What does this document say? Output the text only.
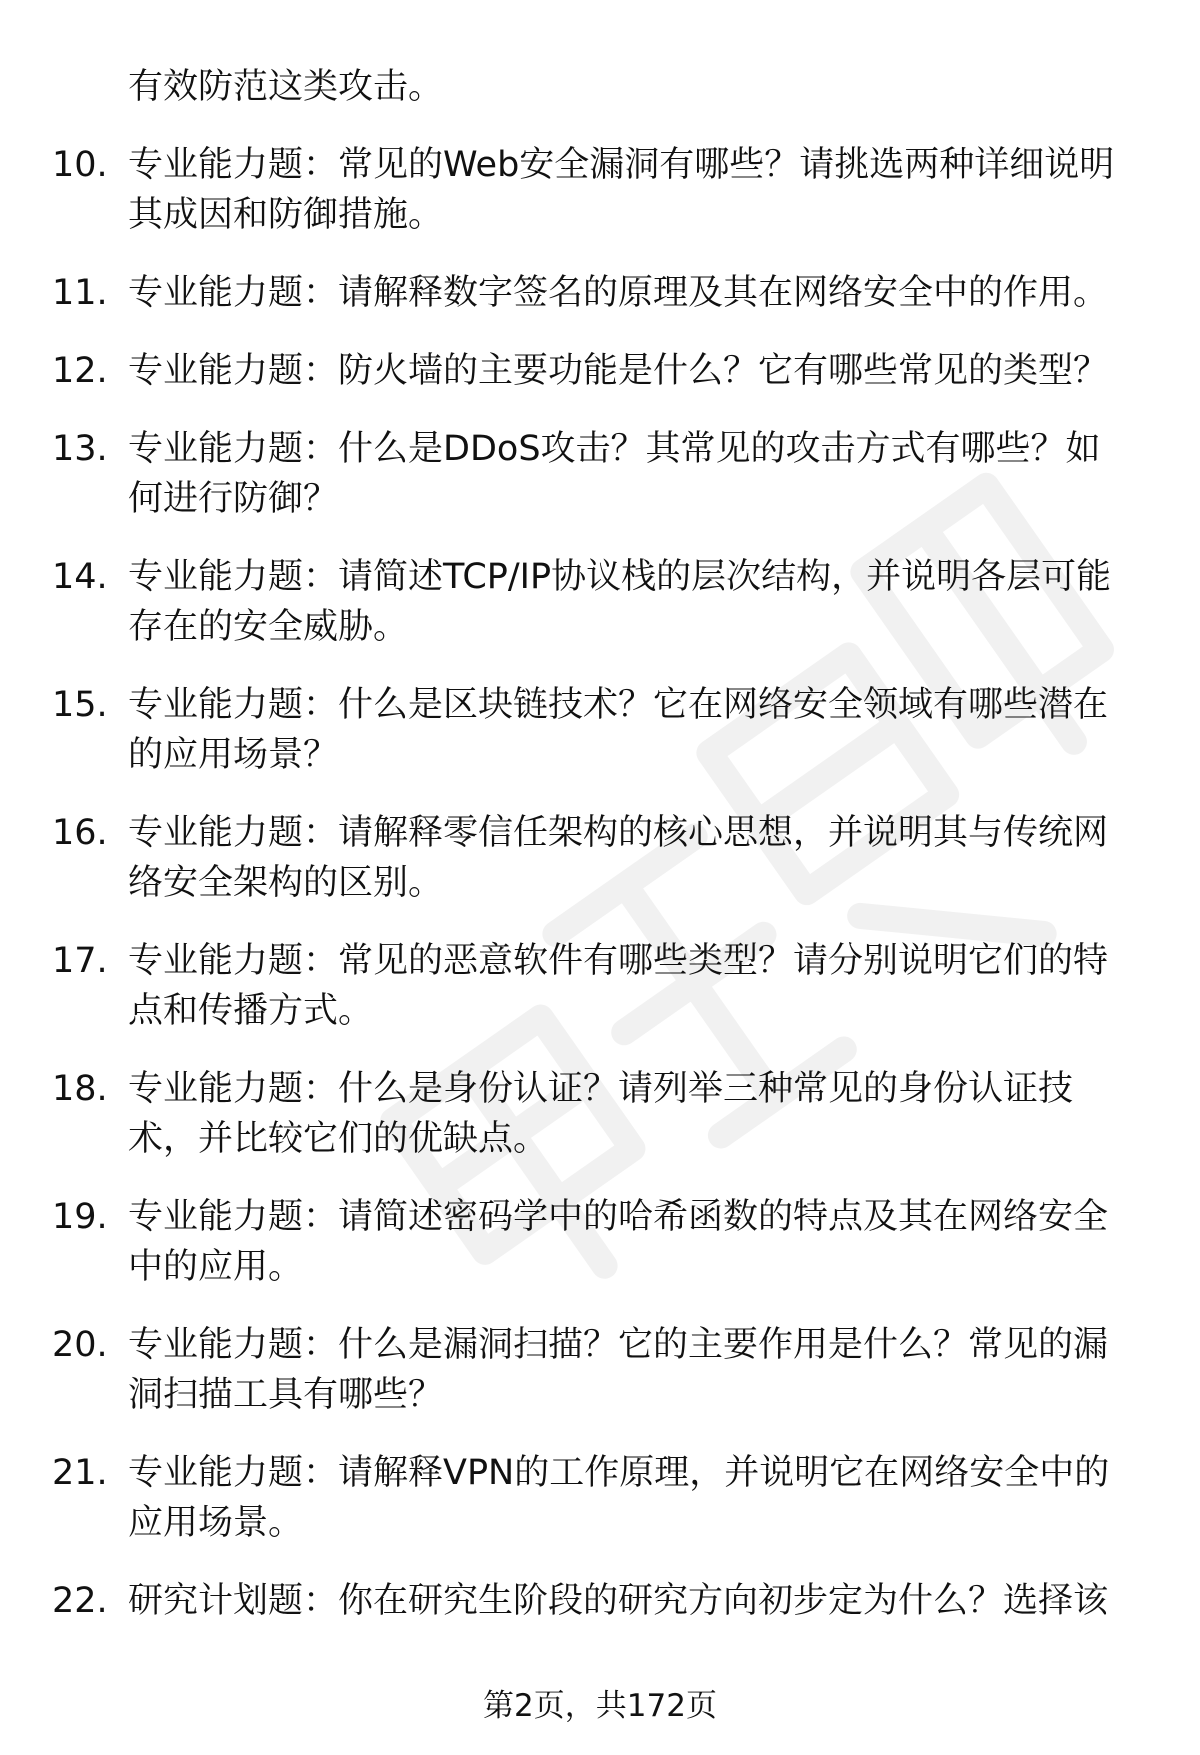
有效防范这类攻击。
10. 专业能力题：常见的Web安全漏洞有哪些？请挑选两种详细说明
其成因和防御措施。
11. 专业能力题：请解释数字签名的原理及其在网络安全中的作用。
12. 专业能力题：防火墙的主要功能是什么？它有哪些常见的类型？
13. 专业能力题：什么是DDoS攻击？其常见的攻击方式有哪些？如
何进行防御？
14. 专业能力题：请简述TCP/IP协议栈的层次结构，并说明各层可能
存在的安全威胁。
15. 专业能力题：什么是区块链技术？它在网络安全领域有哪些潜在
的应用场景？
16. 专业能力题：请解释零信任架构的核心思想，并说明其与传统网
络安全架构的区别。
17. 专业能力题：常见的恶意软件有哪些类型？请分别说明它们的特
点和传播方式。
18. 专业能力题：什么是身份认证？请列举三种常见的身份认证技
术，并比较它们的优缺点。
19. 专业能力题：请简述密码学中的哈希函数的特点及其在网络安全
中的应用。
20. 专业能力题：什么是漏洞扫描？它的主要作用是什么？常见的漏
洞扫描工具有哪些？
21. 专业能力题：请解释VPN的工作原理，并说明它在网络安全中的
应用场景。
22. 研究计划题：你在研究生阶段的研究方向初步定为什么？选择该
第2页，共172页
